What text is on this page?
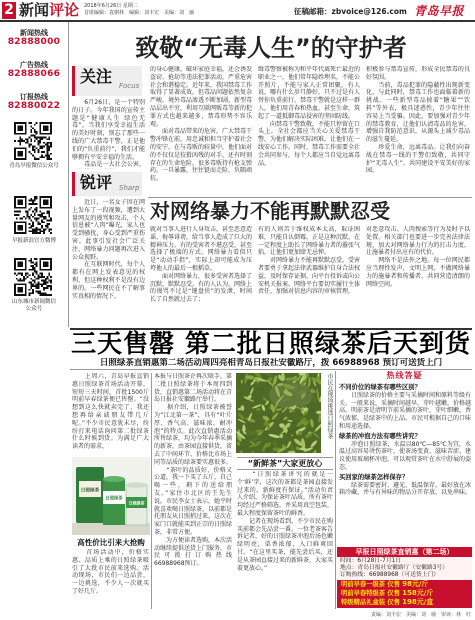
2 新闻评论 2018年6月26日 星期二
首席编辑：袁朝林　编辑：刘丰宏　美编：刘　瑜	征稿邮箱：zbvoice@126.com 青岛早报
新闻热线
82888000
广告热线
82888066
订报热线
82880022
青岛早报微信公众号
早报新浪官方微博
山东城市新闻微信公众号
致敬“无毒人生”的守护者
关注 Focus
　　6月26日，是一个特别的日子。今年我国的宣传主题是“健康人生 绿色无毒”。当我们享受幸福生活的美好时刻，别忘了那些一线的广大禁毒干警，正是他们的“负重前行”，我们才能够拥有平安幸福的生活。
　　毒品是一大社会公害，
的身心健康，破坏家庭幸福，还会诱发盗窃、抢劫等违法犯罪活动，严重危害社会和谐稳定。近年来，我国禁毒工作取得了显著成效，但毒品问题依然复杂严峻，境外毒品渗透不断加剧，新型毒品层出不穷，利用互联网贩毒等新的犯罪方式也越来越多，禁毒形势不容乐观。
　　面对毒品带来的危害，广大禁毒干警冲锋在前，用忠诚和担当守护着社会的安宁。在与毒贩的较量中，他们面对的不仅仅是狡猾凶残的对手，还有时刻存在的生命危险。很多毒贩持有枪支弹药，一旦暴露，往往铤而走险，负隅顽抗。
缉毒警察被称为和平年代离死亡最近的职业之一，他们常年隐姓埋名，不能公开照片，不能与家人正常团聚。有人说，哪有什么岁月静好，只不过是有人替你负重前行。禁毒干警就是这样一群人，他们用青春和热血，甚至生命，筑起了一道抵御毒品侵害的坚固防线。
　　向禁毒干警致敬，不能只停留在口头上。全社会都应当关心关爱禁毒干警，为他们解决实际困难，让他们在一线安心工作。同时，禁毒工作需要全社会共同参与，每个人都应当自觉远离毒品，
积极参与禁毒宣传，形成全民禁毒的良好氛围。
　　当前，毒品犯罪的隐蔽性出现新变化，与此同时，禁毒工作也面临着新的挑战。一些新型毒品披着“糖果”“饮料”等外衣，极具迷惑性，青少年往往容易上当受骗。因此，要加强对青少年的禁毒教育，让他们认清毒品的危害，增强自我防范意识，从源头上减少毒品的滋生蔓延。
　　珍爱生命，远离毒品。让我们向奋战在禁毒一线的干警们致敬，共同守护“无毒人生”，共同建设平安美好的家园。
锐评 Sharp
　　近日，一名女子因在网上发布了一段视频，遭到大量网友的谩骂和攻击，个人信息被“人肉”曝光，家人也受到骚扰，身心受到严重伤害。此事引发社会广泛关注，网络暴力问题再次进入公众视野。
　　在互联网时代，每个人都有在网上发表意见的权利，但这种权利不是没有边界的。一些网民在不了解事实真相的情况下，
对网络暴力不能再默默忍受
就对当事人进行人身攻击，甚至恶意造谣、侮辱诽谤，给当事人造成了巨大的精神压力。有的受害者不堪忍受，甚至选择了极端的方式。网络暴力看似只是“动动手指”，实际上却可能成为压垮他人的最后一根稻草。
　　面对网络暴力，很多受害者选择了沉默，默默忍受。有的人认为，网络上的谩骂不过是“键盘侠”的发泄，时间长了自然就过去了；
有的人则苦于维权成本太高，取证困难，只能自认倒霉。正是这种沉默，在一定程度上助长了网络暴力者的嚣张气焰，让他们更加肆无忌惮。
　　对网络暴力不能再默默忍受。受害者要勇于拿起法律武器维护自身合法权益，及时保存证据，向平台投诉或向公安机关报案。网络平台要切实履行主体责任，加强对信息内容的审核管理，
对恶意攻击、人肉搜索等行为及时予以处置。相关部门也要进一步完善法律法规，加大对网络暴力行为的打击力度，让施暴者付出应有的代价。
　　网络不是法外之地。每一位网民都应当理性发声，文明上网，不做网络暴力的施暴者和传播者，共同营造清朗的网络空间。
三天售罄 第二批日照绿茶后天到货
日照绿茶直销惠第二场活动周四亮相青岛日报社安徽路厅，拨 66988968 预订可送货上门
　　上周六，青岛早报直销惠日照绿茶首场活动开幕，短短三天时间，首批1500斤明前早春绿茶便已售罄。“没想到这么快就卖完了，我还想再给亲戚朋友带几斤呢。”不少市民意犹未尽，纷纷打来电话询问第二批绿茶什么时候到货。为满足广大读者的需求，
日照绿茶
日照绿茶
日照绿茶
高性价比引来大抢购
　　首场活动中，价格实惠、品质上乘的日照绿茶吸引了大批市民前来选购。活动现场，市民们一边品尝，一边挑选，不少人一次就买了好几斤。
本报与日照茶企再次联手，第二批日照绿茶将于本周四到货，直销惠第二场活动将在青岛日报社安徽路厅举行。
　　据介绍，日照绿茶被誉为“江北第一茶”，具有“叶片厚、香气高、滋味浓、耐冲泡”的特点。此次直销惠活动所售绿茶，均为今年春季采摘的新茶，由茶园直接供货，省去了中间环节，价格比市场上同等品质的绿茶要实惠很多。
　　“茶叶的品质好，价格又公道，我一下买了五斤，自己喝一些，剩下的送给朋友。”家住市北区的王先生说。市民李女士表示，她平时就喜欢喝日照绿茶，以前都是托朋友从日照捎过来，这次在家门口就能买到正宗的日照绿茶，非常方便。
　　为方便读者选购，本次活动继续提供送货上门服务，市民可拨打订购热线66988968预订。
市民在现场挑选日照绿茶
“新鲜茶”大家更放心
　　“日照绿茶讲究的就是一个‘鲜’字，这次的茶都是茶园直接发过来的，新鲜度有保证。”活动负责人介绍，为保证茶叶品质，所有茶叶均经过严格筛选，并采用真空包装，最大程度保留茶叶的鲜香。
　　记者在现场看到，不少市民在购买前都会先品尝一番。一位老茶客告诉记者，好的日照绿茶冲泡后汤色嫩绿明亮，栗香浓郁，入口鲜爽回甘。“在这里买茶，能先尝后买，还是从茶园直接过来的新鲜茶，大家买着更放心。”
热线答疑
不同价位的绿茶有哪些区别？
　　日照绿茶的价格主要与采摘时间和原料等级有关。一般来说，采摘时间越早，芽叶越嫩，价格越高。明前茶是清明节前采摘的茶叶，芽叶细嫩，香气浓郁，是绿茶中的上品。市民可根据自己的口味和用途选择。
绿茶的冲泡方法有哪些讲究？
　　冲泡日照绿茶，水温以80℃—85℃为宜，水温过高容易烫伤茶叶，使茶汤变黄、滋味苦涩。建议使用玻璃杯冲泡，可以观赏茶叶在水中舒展的姿态。
买回家的绿茶怎样保存？
　　绿茶需要密封、避光、低温保存，最好放在冰箱冷藏，并与有异味的物品分开存放，以免串味。
早报日照绿茶直销惠（第二场）
时间：6月28日-7月1日
地点：青岛日报社安徽路厅（安徽路3号）
订购热线：66988968（可送货上门）
明前早春一级茶 仅售 98元/斤
明前早春特级茶 仅售 158元/斤
特级精品礼盒装 仅售 198元/盒
责编：刘丰宏　美编：刘　瑜　审读：林　红
